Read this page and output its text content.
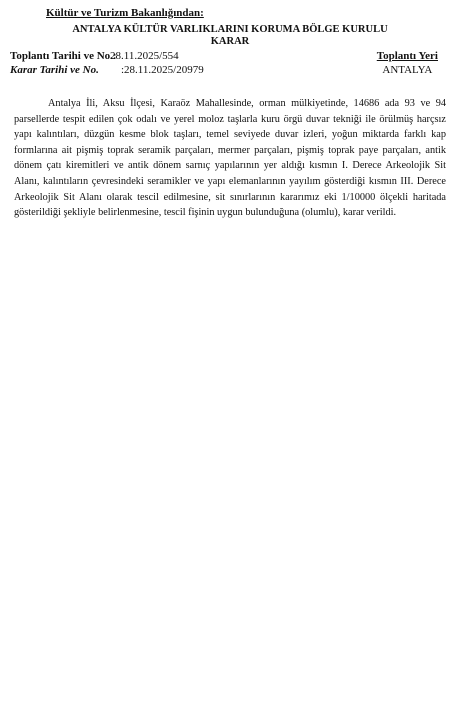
Kültür ve Turizm Bakanlığından:
ANTALYA KÜLTÜR VARLIKLARINI KORUMA BÖLGE KURULU
KARAR
Toplantı Tarihi ve No.:28.11.2025/554
Karar Tarihi ve No. :28.11.2025/20979
Toplantı Yeri
ANTALYA

Antalya İli, Aksu İlçesi, Karaöz Mahallesinde, orman mülkiyetinde, 14686 ada 93 ve 94 parsellerde tespit edilen çok odalı ve yerel moloz taşlarla kuru örgü duvar tekniği ile örülmüş harçsız yapı kalıntıları, düzgün kesme blok taşları, temel seviyede duvar izleri, yoğun miktarda farklı kap formlarına ait pişmiş toprak seramik parçaları, mermer parçaları, pişmiş toprak paye parçaları, antik dönem çatı kiremitleri ve antik dönem sarnıç yapılarının yer aldığı kısmın I. Derece Arkeolojik Sit Alanı, kalıntıların çevresindeki seramikler ve yapı elemanlarının yayılım gösterdiği kısmın III. Derece Arkeolojik Sit Alanı olarak tescil edilmesine, sit sınırlarının kararımız eki 1/10000 ölçekli haritada gösterildiği şekliyle belirlenmesine, tescil fişinin uygun bulunduğuna (olumlu), karar verildi.
